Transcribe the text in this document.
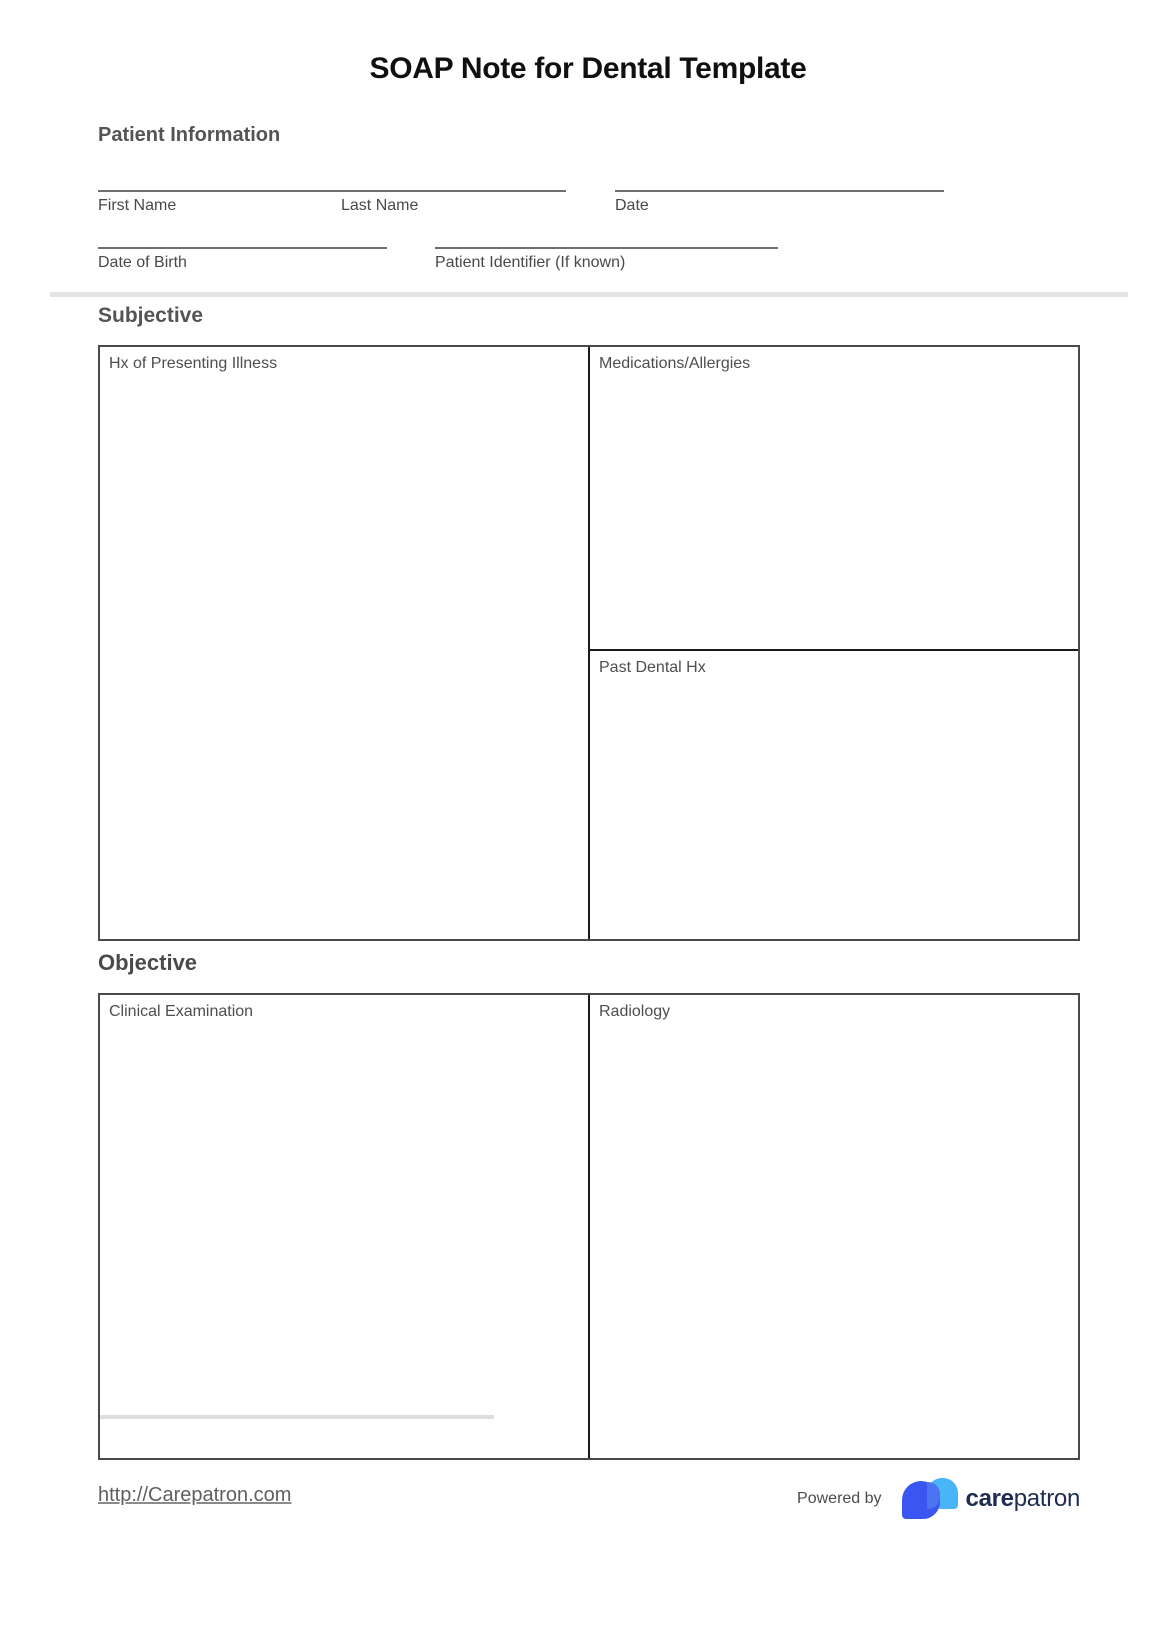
SOAP Note for Dental Template
Patient Information
First Name	Last Name	Date
Date of Birth	Patient Identifier (If known)
Subjective
Hx of Presenting Illness	Medications/Allergies
Past Dental Hx
Objective
Clinical Examination	Radiology
http://Carepatron.com	Powered by	carepatron
